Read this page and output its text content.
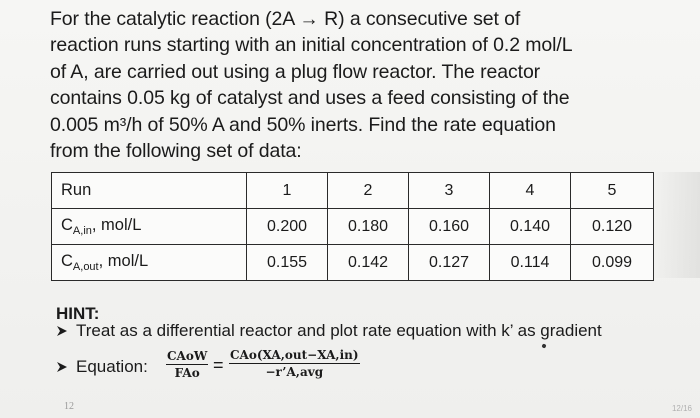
For the catalytic reaction (2A → R) a consecutive set of
reaction runs starting with an initial concentration of 0.2 mol/L
of A, are carried out using a plug flow reactor. The reactor
contains 0.05 kg of catalyst and uses a feed consisting of the
0.005 m³/h of 50% A and 50% inerts. Find the rate equation
from the following set of data:
Run	1	2	3	4	5
$C_{A,in}$, mol/L	0.200	0.180	0.160	0.140	0.120
$C_{A,out}$, mol/L	0.155	0.142	0.127	0.114	0.099
HINT:
Treat as a differential reactor and plot rate equation with k’ as gradient
Equation:
CAoW
FAo = CAo(XA,out−XA,in)
−r’A,avg
12	12/16
